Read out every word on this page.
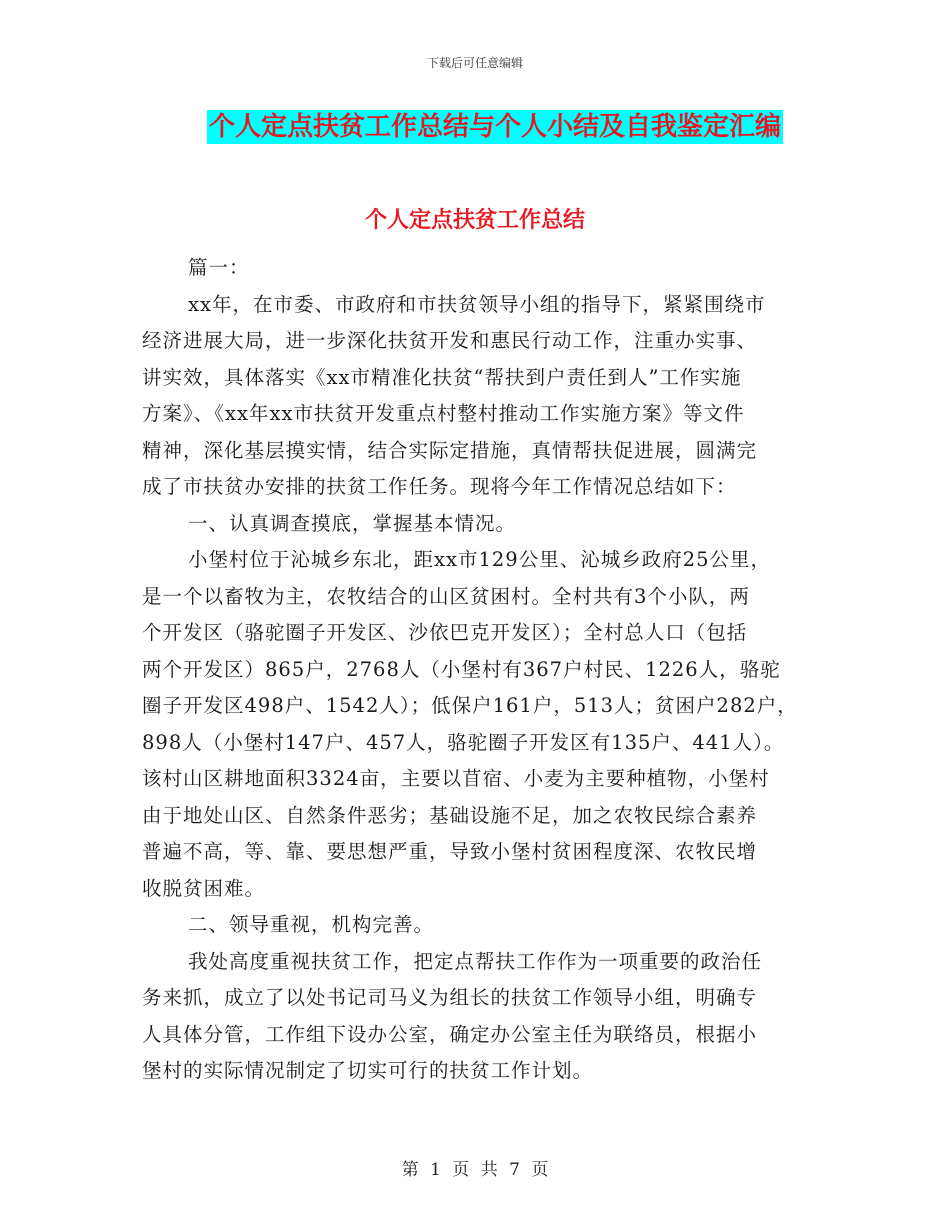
下载后可任意编辑
个人定点扶贫工作总结与个人小结及自我鉴定汇编
个人定点扶贫工作总结
篇一：
xx年，在市委、市政府和市扶贫领导小组的指导下，紧紧围绕市
经济进展大局，进一步深化扶贫开发和惠民行动工作，注重办实事、
讲实效，具体落实《xx市精准化扶贫“帮扶到户责任到人”工作实施
方案》、《xx年xx市扶贫开发重点村整村推动工作实施方案》等文件
精神，深化基层摸实情，结合实际定措施，真情帮扶促进展，圆满完
成了市扶贫办安排的扶贫工作任务。现将今年工作情况总结如下：
一、认真调查摸底，掌握基本情况。
小堡村位于沁城乡东北，距xx市129公里、沁城乡政府25公里，
是一个以畜牧为主，农牧结合的山区贫困村。全村共有3个小队，两
个开发区（骆驼圈子开发区、沙依巴克开发区）；全村总人口（包括
两个开发区）865户，2768人（小堡村有367户村民、1226人，骆驼
圈子开发区498户、1542人）；低保户161户，513人；贫困户282户，
898人（小堡村147户、457人，骆驼圈子开发区有135户、441人）。
该村山区耕地面积3324亩，主要以苜宿、小麦为主要种植物，小堡村
由于地处山区、自然条件恶劣；基础设施不足，加之农牧民综合素养
普遍不高，等、靠、要思想严重，导致小堡村贫困程度深、农牧民增
收脱贫困难。
二、领导重视，机构完善。
我处高度重视扶贫工作，把定点帮扶工作作为一项重要的政治任
务来抓，成立了以处书记司马义为组长的扶贫工作领导小组，明确专
人具体分管，工作组下设办公室，确定办公室主任为联络员，根据小
堡村的实际情况制定了切实可行的扶贫工作计划。
第 1 页 共 7 页
